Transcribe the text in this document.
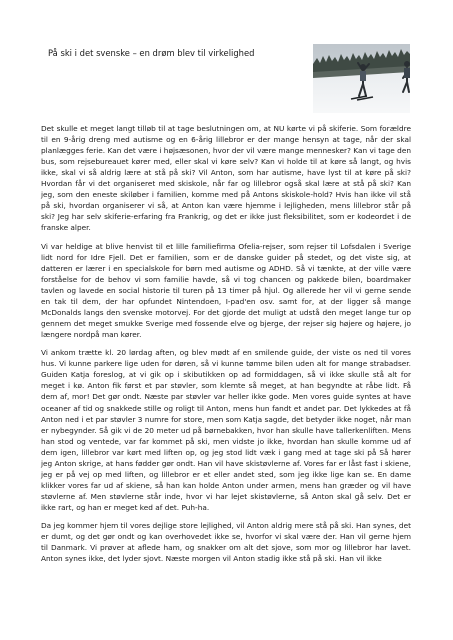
På ski i det svenske – en drøm blev til virkelighed

Det skulle et meget langt tilløb til at tage beslutningen om, at NU kørte vi på skiferie. Som forældre til en 9-årig dreng med autisme og en 6-årig lillebror er der mange hensyn at tage, når der skal planlægges ferie. Kan det være i højsæsonen, hvor der vil være mange mennesker? Kan vi tage den bus, som rejsebureauet kører med, eller skal vi køre selv? Kan vi holde til at køre så langt, og hvis ikke, skal vi så aldrig lære at stå på ski? Vil Anton, som har autisme, have lyst til at køre på ski? Hvordan får vi det organiseret med skiskole, når far og lillebror også skal lære at stå på ski? Kan jeg, som den eneste skiløber i familien, komme med på Antons skiskole-hold? Hvis han ikke vil stå på ski, hvordan organiserer vi så, at Anton kan være hjemme i lejligheden, mens lillebror står på ski? Jeg har selv skiferie-erfaring fra Frankrig, og det er ikke just fleksibilitet, som er kodeordet i de franske alper.

Vi var heldige at blive henvist til et lille familiefirma Ofelia-rejser, som rejser til Lofsdalen i Sverige lidt nord for Idre Fjell. Det er familien, som er de danske guider på stedet, og det viste sig, at datteren er lærer i en specialskole for børn med autisme og ADHD. Så vi tænkte, at der ville være forståelse for de behov vi som familie havde, så vi tog chancen og pakkede bilen, boardmaker tavlen og lavede en social historie til turen på 13 timer på hjul. Og allerede her vil vi gerne sende en tak til dem, der har opfundet Nintendoen, I-pad'en osv. samt for, at der ligger så mange McDonalds langs den svenske motorvej. For det gjorde det muligt at udstå den meget lange tur op gennem det meget smukke Sverige med fossende elve og bjerge, der rejser sig højere og højere, jo længere nordpå man kører.

Vi ankom trætte kl. 20 lørdag aften, og blev mødt af en smilende guide, der viste os ned til vores hus. Vi kunne parkere lige uden for døren, så vi kunne tømme bilen uden alt for mange strabadser. Guiden Katja foreslog, at vi gik op i skibutikken op ad formiddagen, så vi ikke skulle stå alt for meget i kø. Anton fik først et par støvler, som klemte så meget, at han begyndte at råbe lidt. Få dem af, mor! Det gør ondt. Næste par støvler var heller ikke gode. Men vores guide syntes at have oceaner af tid og snakkede stille og roligt til Anton, mens hun fandt et andet par. Det lykkedes at få Anton ned i et par støvler 3 numre for store, men som Katja sagde, det betyder ikke noget, når man er nybegynder. Så gik vi de 20 meter ud på børnebakken, hvor han skulle have tallerkenliften. Mens han stod og ventede, var far kommet på ski, men vidste jo ikke, hvordan han skulle komme ud af dem igen, lillebror var kørt med liften op, og jeg stod lidt væk i gang med at tage ski på Så hører jeg Anton skrige, at hans fødder gør ondt. Han vil have skistøvlerne af. Vores far er låst fast i skiene, jeg er på vej op med liften, og lillebror er et eller andet sted, som jeg ikke lige kan se. En dame klikker vores far ud af skiene, så han kan holde Anton under armen, mens han græder og vil have støvlerne af. Men støvlerne står inde, hvor vi har lejet skistøvlerne, så Anton skal gå selv. Det er ikke rart, og han er meget ked af det. Puh-ha.

Da jeg kommer hjem til vores dejlige store lejlighed, vil Anton aldrig mere stå på ski. Han synes, det er dumt, og det gør ondt og kan overhovedet ikke se, hvorfor vi skal være der. Han vil gerne hjem til Danmark. Vi prøver at aflede ham, og snakker om alt det sjove, som mor og lillebror har lavet. Anton synes ikke, det lyder sjovt. Næste morgen vil Anton stadig ikke stå på ski. Han vil ikke
